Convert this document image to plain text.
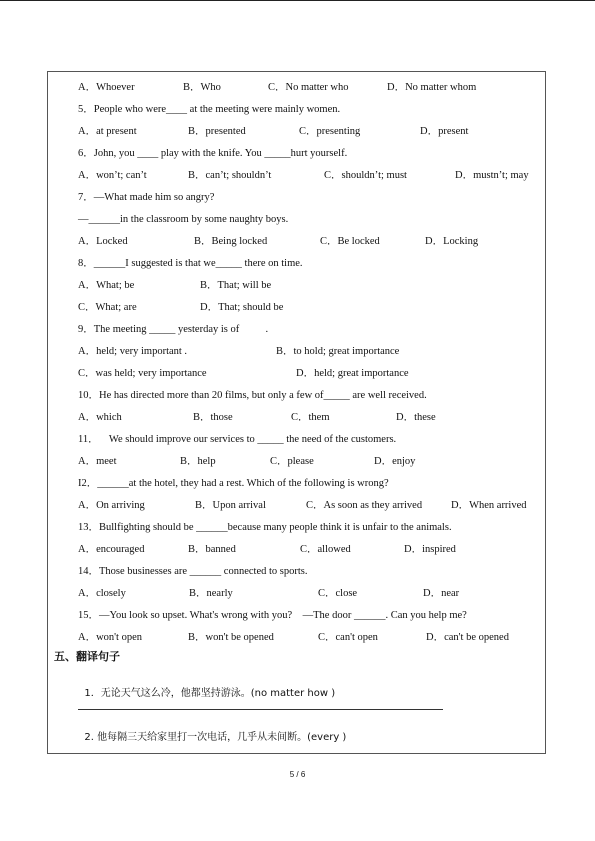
A．Whoever	B．Who	C．No matter who	D．No matter whom
5．People who were____ at the meeting were mainly women.
A．at present	B．presented	C．presenting	D．present
6．John, you ____ play with the knife. You _____hurt yourself.
A．won’t; can’t	B．can’t; shouldn’t	C．shouldn’t; must	D．mustn’t; may
7．—What made him so angry?
—______in the classroom by some naughty boys.
A．Locked	B．Being locked	C．Be locked	D．Locking
8．______I suggested is that we_____ there on time.
A．What; be	B．That; will be
C．What; are	D．That; should be
9．The meeting _____ yesterday is of          .
A．held; very important .	B．to hold; great importance
C．was held; very importance	D．held; great importance
10．He has directed more than 20 films, but only a few of_____ are well received.
A．which	B．those	C．them	D．these
11．    We should improve our services to _____ the need of the customers.
A．meet	B．help	C．please	D．enjoy
I2．______at the hotel, they had a rest. Which of the following is wrong?
A．On arriving	B．Upon arrival	C．As soon as they arrived	D．When arrived
13．Bullfighting should be ______because many people think it is unfair to the animals.
A．encouraged	B．banned	C．allowed	D．inspired
14．Those businesses are ______ connected to sports.
A．closely	B．nearly	C．close	D．near
15．—You look so upset. What's wrong with you?    —The door ______. Can you help me?
A．won't open	B．won't be opened	C．can't open	D．can't be opened
五、翻译句子

1．无论天气这么冷，他都坚持游泳。(no matter how )

2. 他每隔三天给家里打一次电话，几乎从未间断。(every )

5 / 6
